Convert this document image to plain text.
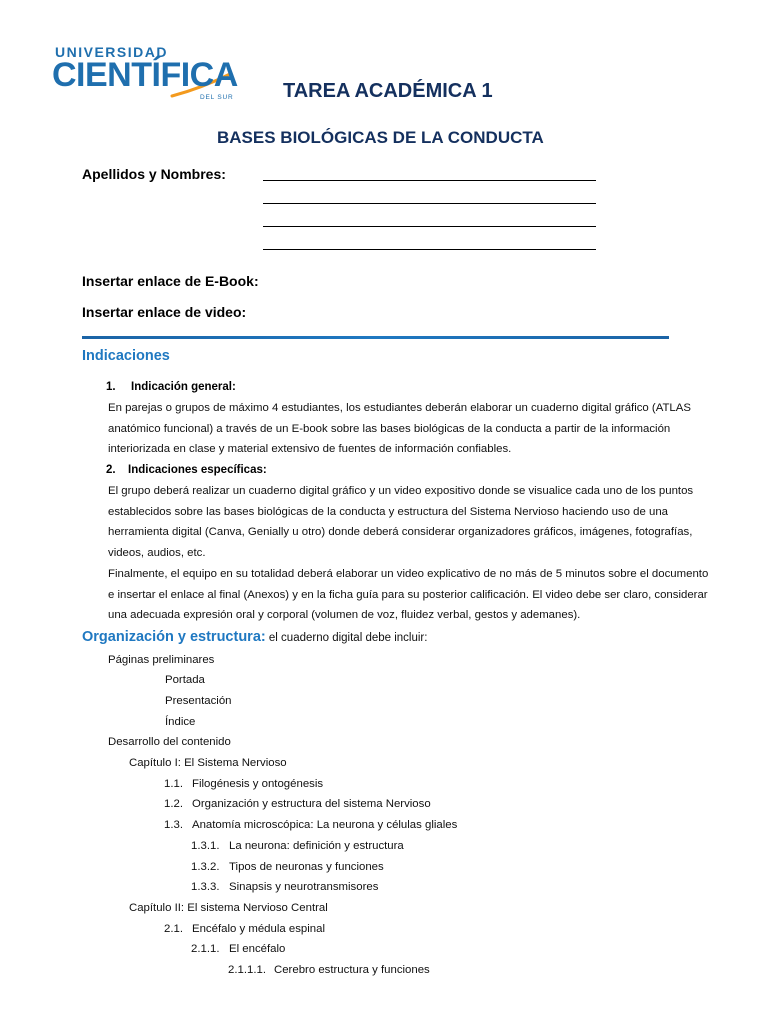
UNIVERSIDAD
CIENTÍFICA
DEL SUR	TAREA ACADÉMICA 1
BASES BIOLÓGICAS DE LA CONDUCTA
Apellidos y Nombres:
Insertar enlace de E-Book:
Insertar enlace de video:
Indicaciones
1. Indicación general:
En parejas o grupos de máximo 4 estudiantes, los estudiantes deberán elaborar un cuaderno digital gráfico (ATLAS
anatómico funcional) a través de un E-book sobre las bases biológicas de la conducta a partir de la información
interiorizada en clase y material extensivo de fuentes de información confiables.
2. Indicaciones específicas:
El grupo deberá realizar un cuaderno digital gráfico y un video expositivo donde se visualice cada uno de los puntos
establecidos sobre las bases biológicas de la conducta y estructura del Sistema Nervioso haciendo uso de una
herramienta digital (Canva, Genially u otro) donde deberá considerar organizadores gráficos, imágenes, fotografías,
videos, audios, etc.
Finalmente, el equipo en su totalidad deberá elaborar un video explicativo de no más de 5 minutos sobre el documento
e insertar el enlace al final (Anexos) y en la ficha guía para su posterior calificación. El video debe ser claro, considerar
una adecuada expresión oral y corporal (volumen de voz, fluidez verbal, gestos y ademanes).
Organización y estructura: el cuaderno digital debe incluir:
Páginas preliminares
Portada
Presentación
Índice
Desarrollo del contenido
Capítulo I: El Sistema Nervioso
1.1. Filogénesis y ontogénesis
1.2. Organización y estructura del sistema Nervioso
1.3. Anatomía microscópica: La neurona y células gliales
1.3.1. La neurona: definición y estructura
1.3.2. Tipos de neuronas y funciones
1.3.3. Sinapsis y neurotransmisores
Capítulo II: El sistema Nervioso Central
2.1. Encéfalo y médula espinal
2.1.1. El encéfalo
2.1.1.1. Cerebro estructura y funciones
